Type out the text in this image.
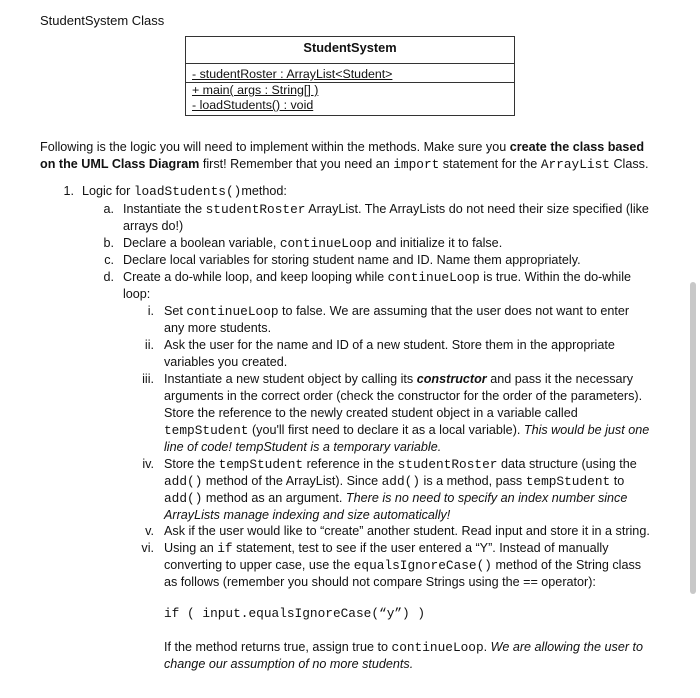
StudentSystem Class
StudentSystem
- studentRoster : ArrayList<Student>
+ main( args : String[] )
- loadStudents() : void
Following is the logic you will need to implement within the methods. Make sure you create the class based on the UML Class Diagram first! Remember that you need an import statement for the ArrayList Class.
1. Logic for loadStudents()method:
a. Instantiate the studentRoster ArrayList. The ArrayLists do not need their size specified (like
arrays do!)
b. Declare a boolean variable, continueLoop and initialize it to false.
c. Declare local variables for storing student name and ID. Name them appropriately.
d. Create a do-while loop, and keep looping while continueLoop is true. Within the do-while
loop:
i. Set continueLoop to false. We are assuming that the user does not want to enter
any more students.
ii. Ask the user for the name and ID of a new student. Store them in the appropriate
variables you created.
iii. Instantiate a new student object by calling its constructor and pass it the necessary
arguments in the correct order (check the constructor for the order of the parameters).
Store the reference to the newly created student object in a variable called
tempStudent (you'll first need to declare it as a local variable). This would be just one
line of code! tempStudent is a temporary variable.
iv. Store the tempStudent reference in the studentRoster data structure (using the
add() method of the ArrayList). Since add() is a method, pass tempStudent to
add() method as an argument. There is no need to specify an index number since
ArrayLists manage indexing and size automatically!
v. Ask if the user would like to “create” another student. Read input and store it in a string.
vi. Using an if statement, test to see if the user entered a “Y”. Instead of manually
converting to upper case, use the equalsIgnoreCase() method of the String class
as follows (remember you should not compare Strings using the == operator):
if ( input.equalsIgnoreCase(“y”) )
If the method returns true, assign true to continueLoop. We are allowing the user to
change our assumption of no more students.
